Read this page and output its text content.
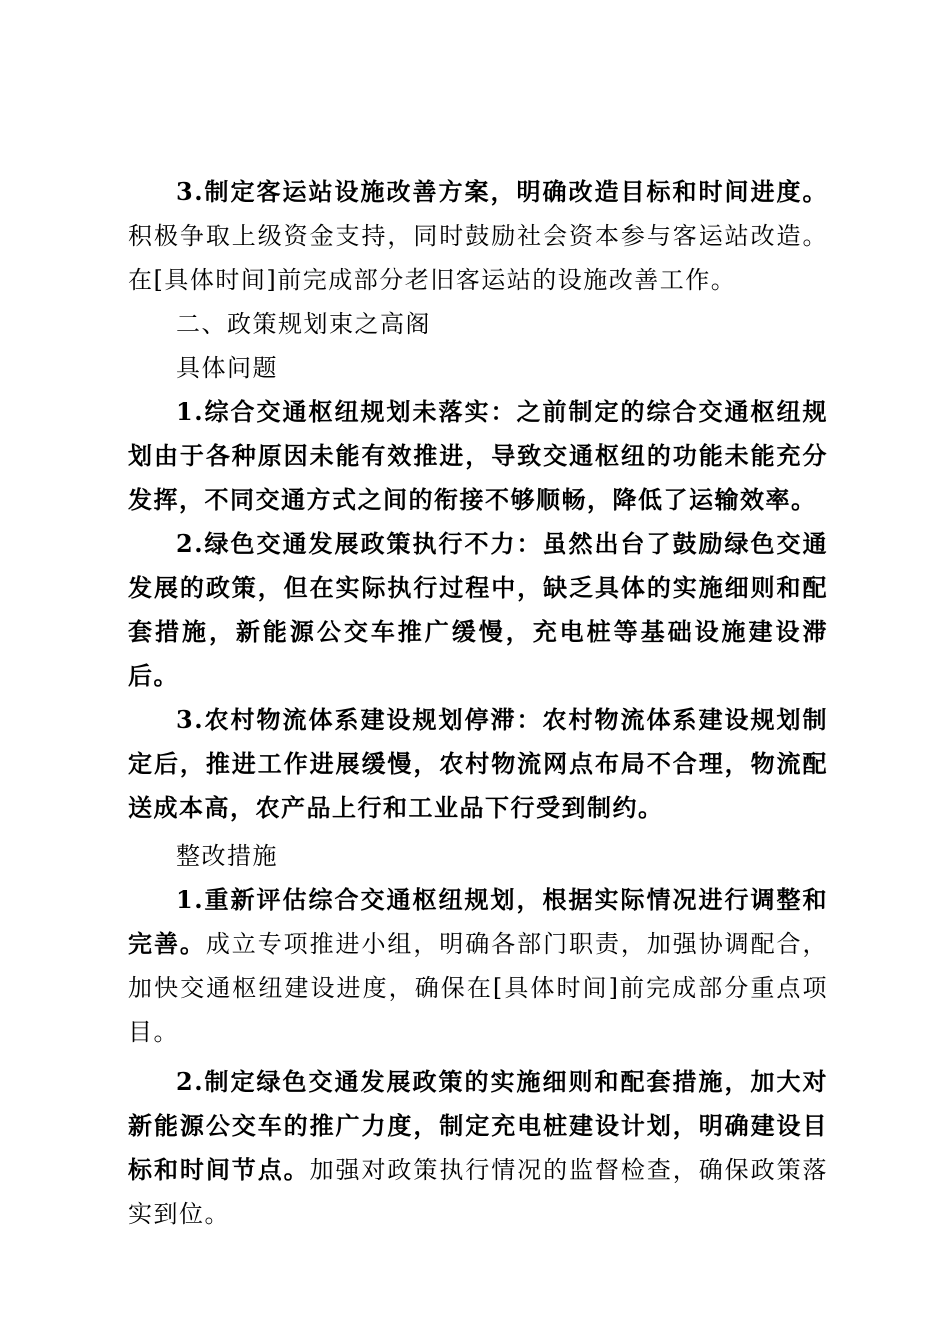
3.制定客运站设施改善方案，明确改造目标和时间进度。积极争取上级资金支持，同时鼓励社会资本参与客运站改造。在[具体时间]前完成部分老旧客运站的设施改善工作。

二、政策规划束之高阁

具体问题

1.综合交通枢纽规划未落实：之前制定的综合交通枢纽规划由于各种原因未能有效推进，导致交通枢纽的功能未能充分发挥，不同交通方式之间的衔接不够顺畅，降低了运输效率。

2.绿色交通发展政策执行不力：虽然出台了鼓励绿色交通发展的政策，但在实际执行过程中，缺乏具体的实施细则和配套措施，新能源公交车推广缓慢，充电桩等基础设施建设滞后。

3.农村物流体系建设规划停滞：农村物流体系建设规划制定后，推进工作进展缓慢，农村物流网点布局不合理，物流配送成本高，农产品上行和工业品下行受到制约。

整改措施

1.重新评估综合交通枢纽规划，根据实际情况进行调整和完善。成立专项推进小组，明确各部门职责，加强协调配合，加快交通枢纽建设进度，确保在[具体时间]前完成部分重点项目。

2.制定绿色交通发展政策的实施细则和配套措施，加大对新能源公交车的推广力度，制定充电桩建设计划，明确建设目标和时间节点。加强对政策执行情况的监督检查，确保政策落实到位。
